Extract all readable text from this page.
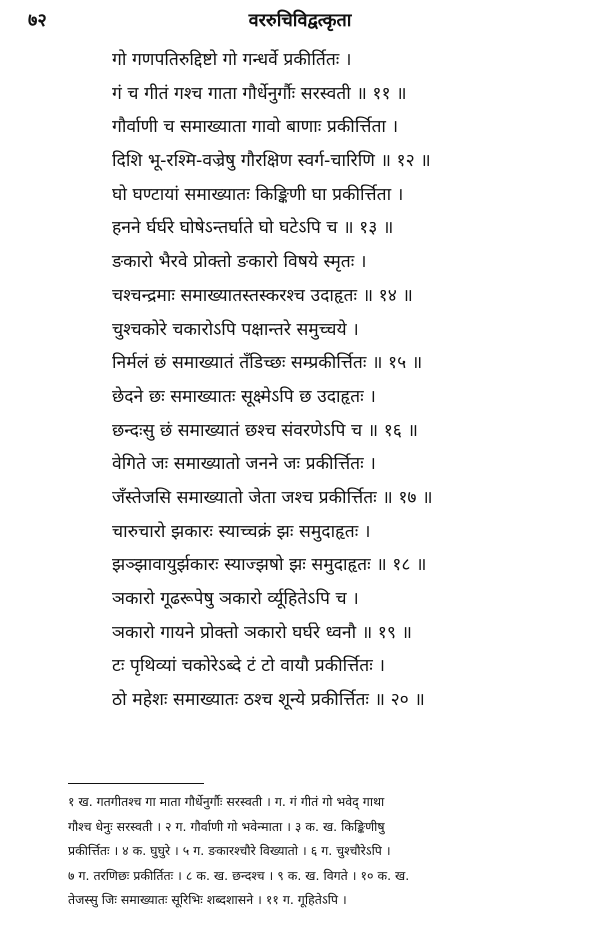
७२	वररुचिविद्वत्कृता
गो गणपतिरुद्दिष्टो गो गन्धर्वे प्रकीर्तितः ।
गं च गीतं गश्च गाता गौर्धेनुर्गौः सरस्वती ॥ ११ ॥
गौर्वाणी च समाख्याता गावो बाणाः प्रकीर्त्तिता ।
दिशि भू-रश्मि-वज्रेषु गौरक्षिण स्वर्ग-चारिणि ॥ १२ ॥
घो घण्टायां समाख्यातः किङ्किणी घा प्रकीर्त्तिता ।
हनने र्घर्घरे घोषेऽन्तर्घाते घो घटेऽपि च ॥ १३ ॥
ङकारो भैरवे प्रोक्तो ङकारो विषये स्मृतः ।
चश्चन्द्रमाः समाख्यातस्तस्करश्च उदाहृतः ॥ १४ ॥
चुश्चकोरे चकारोऽपि पक्षान्तरे समुच्चये ।
निर्मलं छं समाख्यातं तँडिच्छः सम्प्रकीर्त्तितः ॥ १५ ॥
छेदने छः समाख्यातः सूक्ष्मेऽपि छ उदाहृतः ।
छन्दःसु छं समाख्यातं छश्च संवरणेऽपि च ॥ १६ ॥
वेगिते जः समाख्यातो जनने जः प्रकीर्त्तितः ।
जँस्तेजसि समाख्यातो जेता जश्च प्रकीर्त्तितः ॥ १७ ॥
चारुचारो झकारः स्याच्चक्रं झः समुदाहृतः ।
झञ्झावायुर्झकारः स्याज्झषो झः समुदाहृतः ॥ १८ ॥
ञकारो गूढरूपेषु ञकारो र्व्यूहितेऽपि च ।
ञकारो गायने प्रोक्तो ञकारो घर्घरे ध्वनौ ॥ १९ ॥
टः पृथिव्यां चकोरेऽब्दे टं टो वायौ प्रकीर्त्तितः ।
ठो महेशः समाख्यातः ठश्च शून्ये प्रकीर्त्तितः ॥ २० ॥
१ ख. गतगीतश्च गा माता गौर्धेनुर्गौः सरस्वती । ग. गं गीतं गो भवेद् गाथा
गौश्च धेनुः सरस्वती । २ ग. गौर्वाणी गो भवेन्माता । ३ क. ख. किङ्किणीषु
प्रकीर्त्तितः । ४ क. घुघुरे । ५ ग. ङकारश्चौरे विख्यातो । ६ ग. चुश्चौरेऽपि ।
७ ग. तरणिछः प्रकीर्तितः । ८ क. ख. छन्दश्च । ९ क. ख. विगते । १० क. ख.
तेजस्सु जिः समाख्यातः सूरिभिः शब्दशासने । ११ ग. गूहितेऽपि ।
